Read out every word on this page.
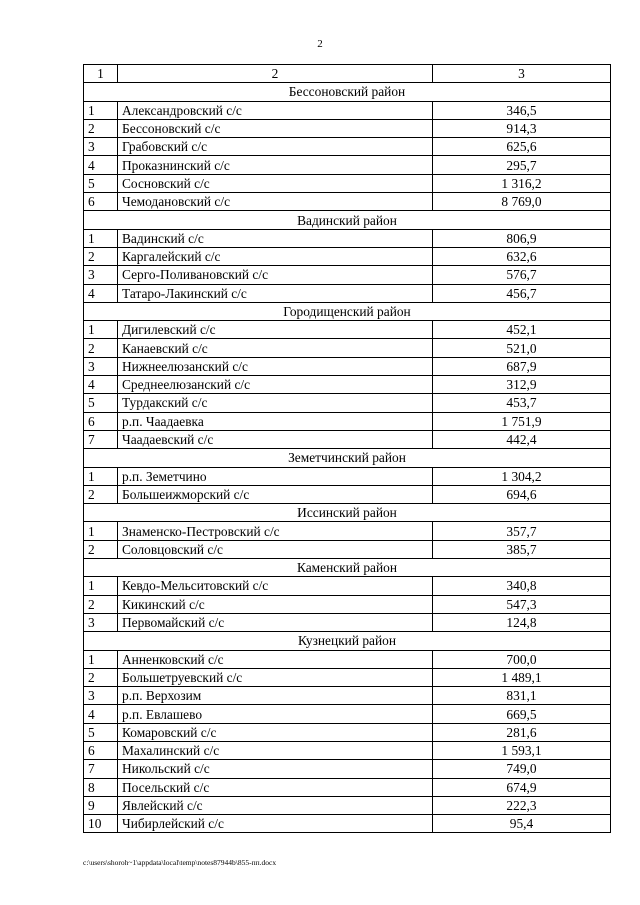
2
1	2	3
Бессоновский район		
1	Александровский с/с	346,5
2	Бессоновский с/с	914,3
3	Грабовский с/с	625,6
4	Проказнинский с/с	295,7
5	Сосновский с/с	1 316,2
6	Чемодановский с/с	8 769,0
Вадинский район		
1	Вадинский с/с	806,9
2	Каргалейский с/с	632,6
3	Серго-Поливановский с/с	576,7
4	Татаро-Лакинский с/с	456,7
Городищенский район		
1	Дигилевский с/с	452,1
2	Канаевский с/с	521,0
3	Нижнеелюзанский с/с	687,9
4	Среднеелюзанский с/с	312,9
5	Турдакский с/с	453,7
6	р.п. Чаадаевка	1 751,9
7	Чаадаевский с/с	442,4
Земетчинский район		
1	р.п. Земетчино	1 304,2
2	Большеижморский с/с	694,6
Иссинский район		
1	Знаменско-Пестровский с/с	357,7
2	Соловцовский с/с	385,7
Каменский район		
1	Кевдо-Мельситовский с/с	340,8
2	Кикинский с/с	547,3
3	Первомайский с/с	124,8
Кузнецкий район		
1	Анненковский с/с	700,0
2	Большетруевский с/с	1 489,1
3	р.п. Верхозим	831,1
4	р.п. Евлашево	669,5
5	Комаровский с/с	281,6
6	Махалинский с/с	1 593,1
7	Никольский с/с	749,0
8	Посельский с/с	674,9
9	Явлейский с/с	222,3
10	Чибирлейский с/с	95,4
c:\users\shoroh~1\appdata\local\temp\notes87944b\855-пп.docx
